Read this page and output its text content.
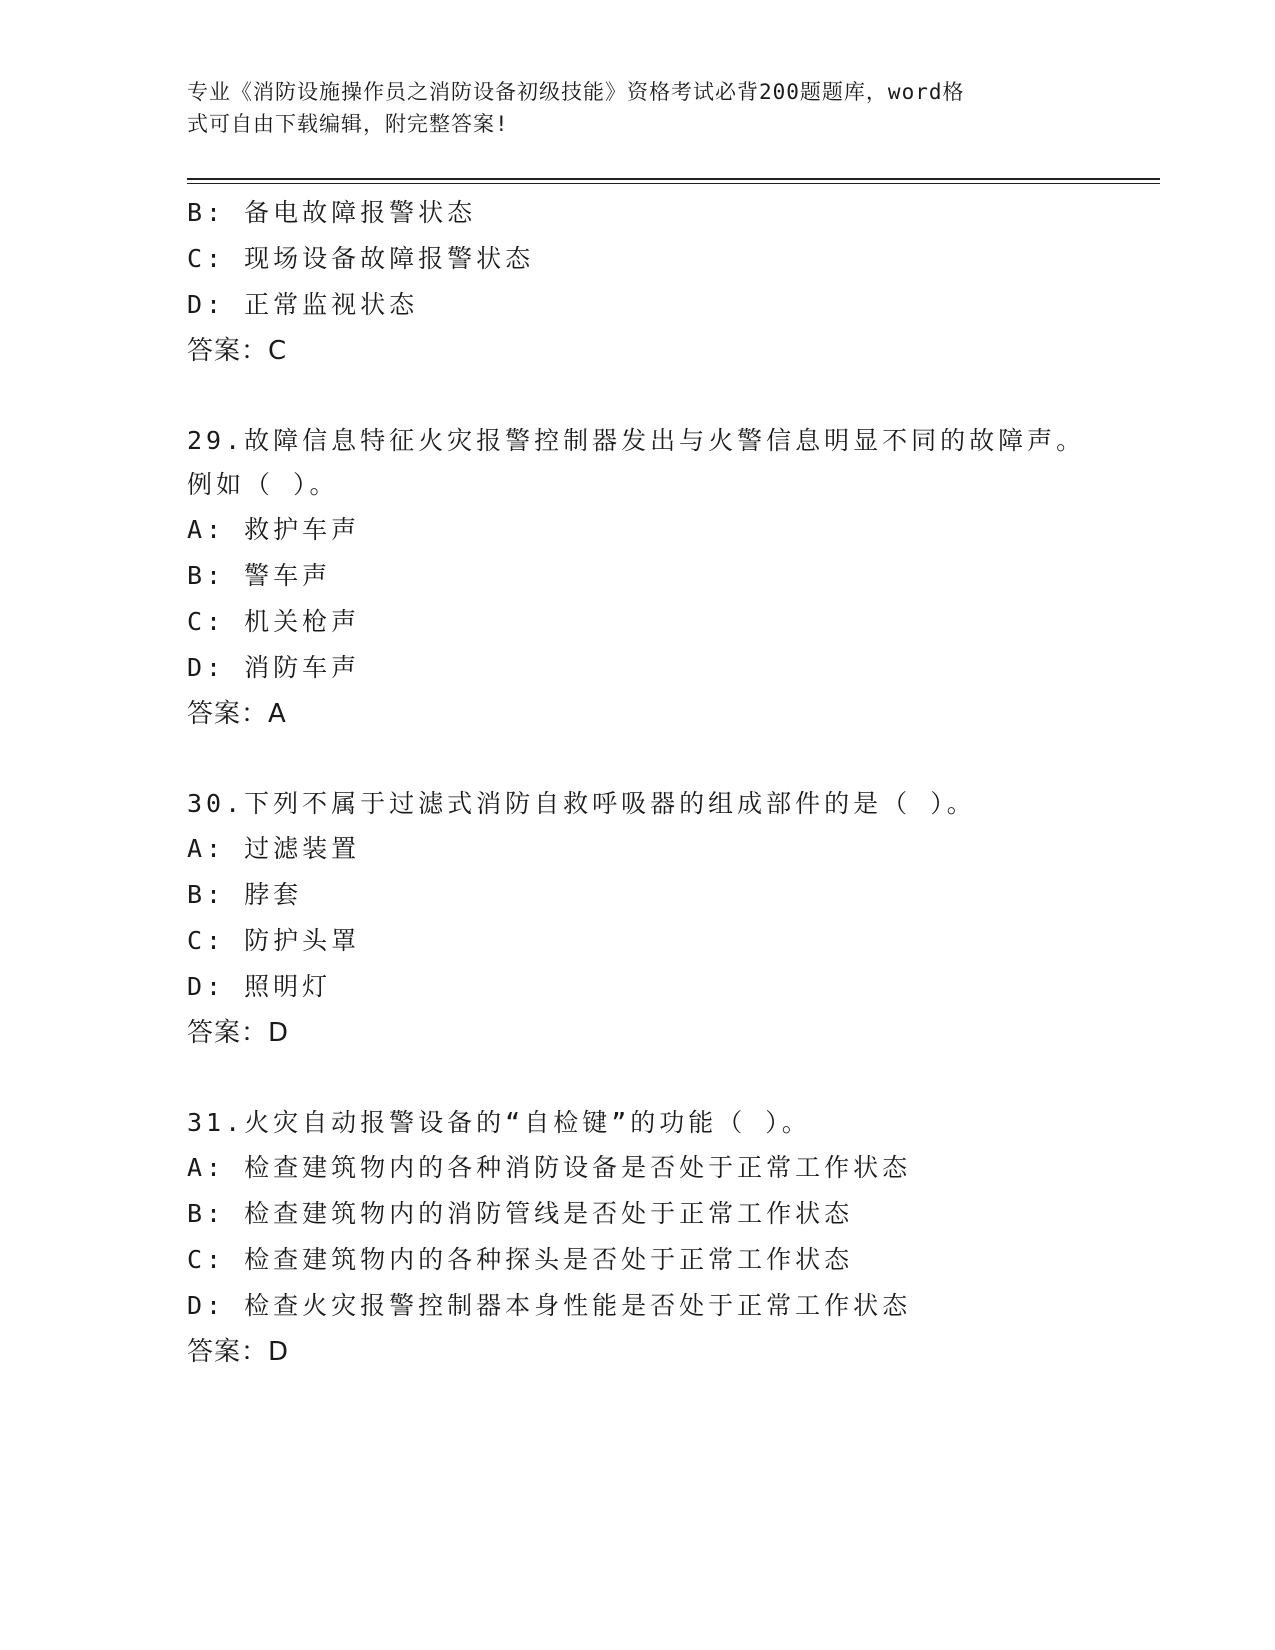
专业《消防设施操作员之消防设备初级技能》资格考试必背200题题库，word格
式可自由下载编辑，附完整答案!
B: 备电故障报警状态
C: 现场设备故障报警状态
D: 正常监视状态
答案：C
29.故障信息特征火灾报警控制器发出与火警信息明显不同的故障声。
例如（ ）。
A: 救护车声
B: 警车声
C: 机关枪声
D: 消防车声
答案：A
30.下列不属于过滤式消防自救呼吸器的组成部件的是（ ）。
A: 过滤装置
B: 脖套
C: 防护头罩
D: 照明灯
答案：D
31.火灾自动报警设备的“自检键”的功能（ ）。
A: 检查建筑物内的各种消防设备是否处于正常工作状态
B: 检查建筑物内的消防管线是否处于正常工作状态
C: 检查建筑物内的各种探头是否处于正常工作状态
D: 检查火灾报警控制器本身性能是否处于正常工作状态
答案：D
